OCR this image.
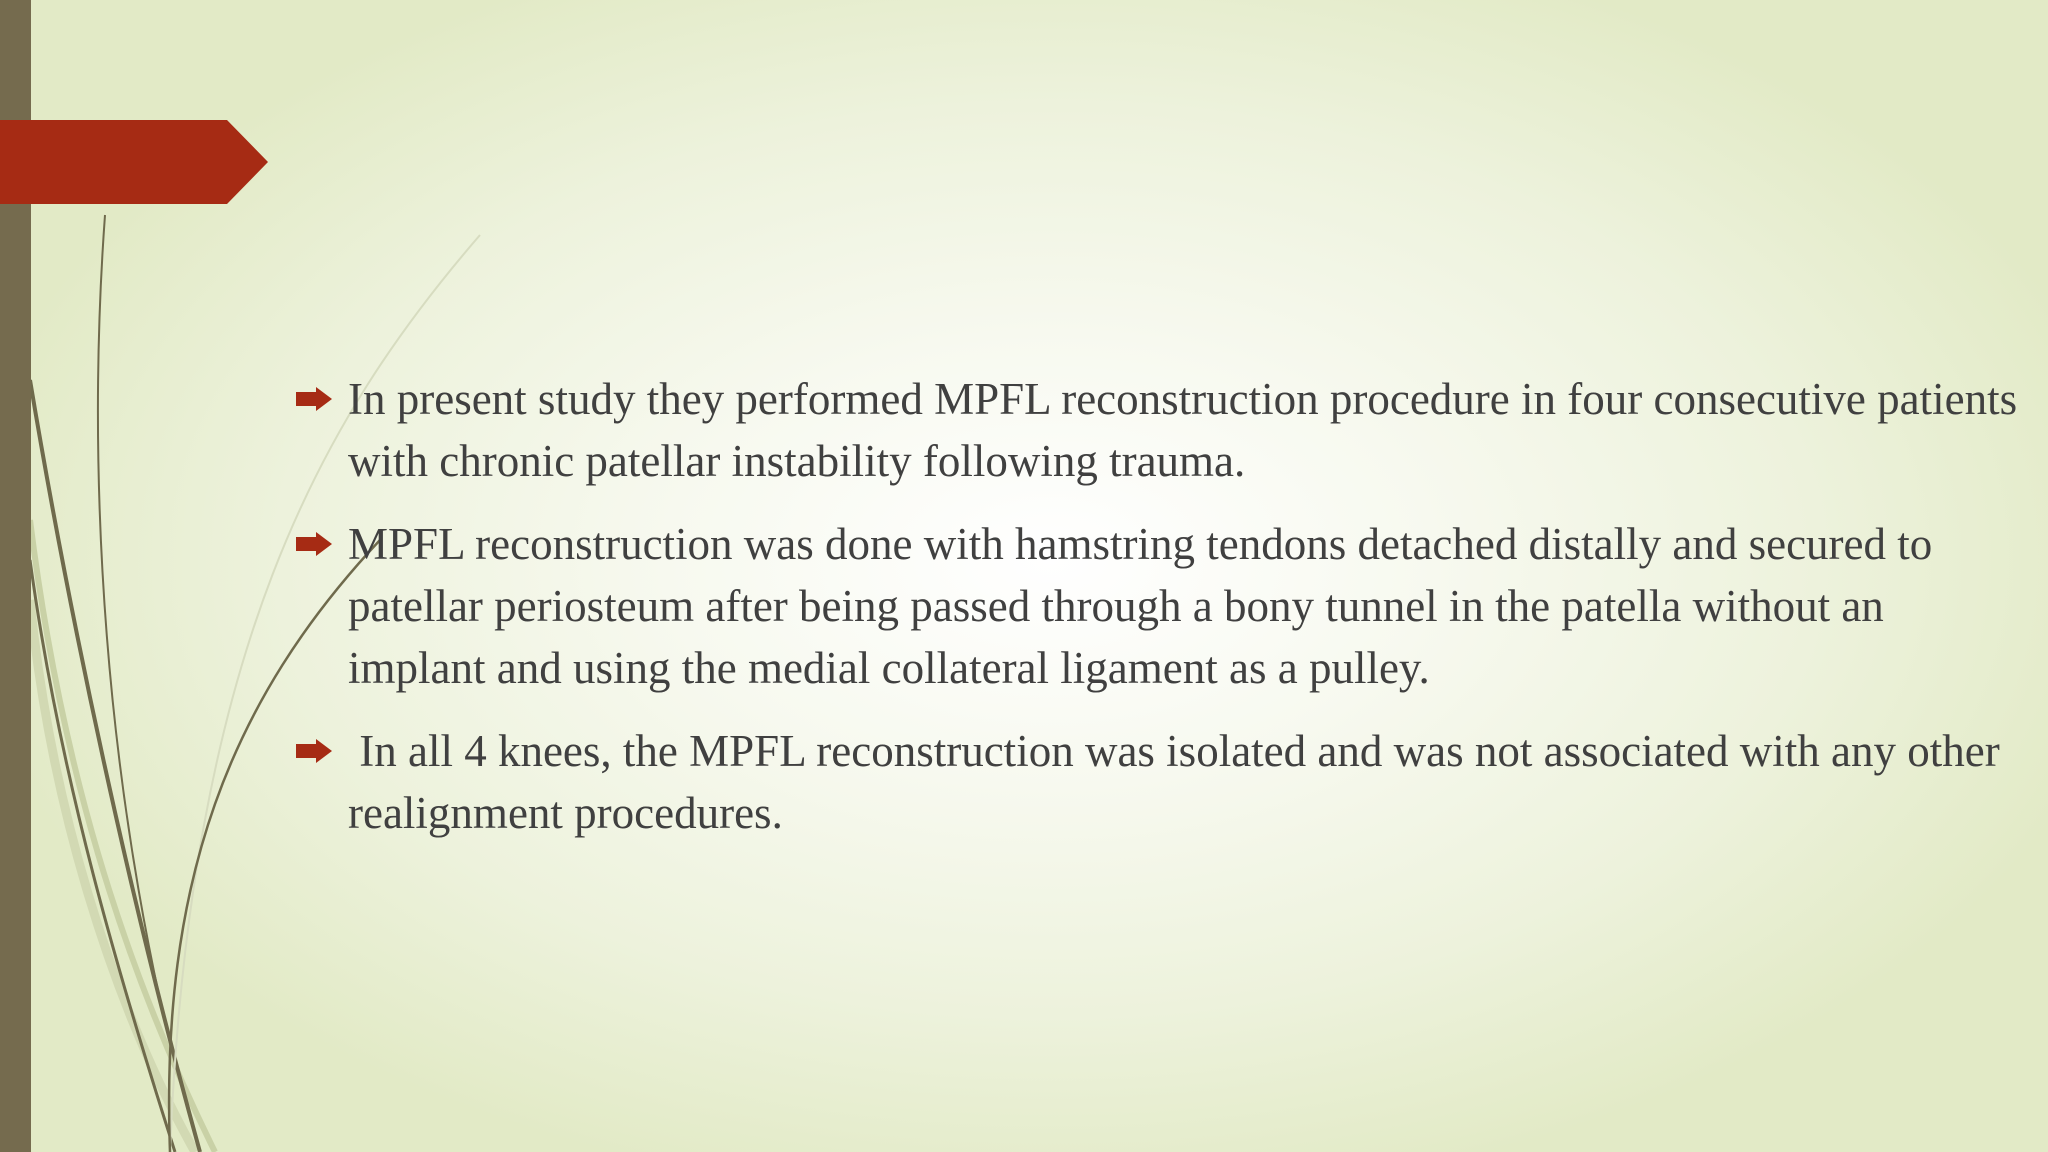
In present study they performed MPFL reconstruction procedure in four consecutive patients with chronic patellar instability following trauma.
MPFL reconstruction was done with hamstring tendons detached distally and secured to patellar periosteum after being passed through a bony tunnel in the patella without an implant and using the medial collateral ligament as a pulley.
In all 4 knees, the MPFL reconstruction was isolated and was not associated with any other realignment procedures.
